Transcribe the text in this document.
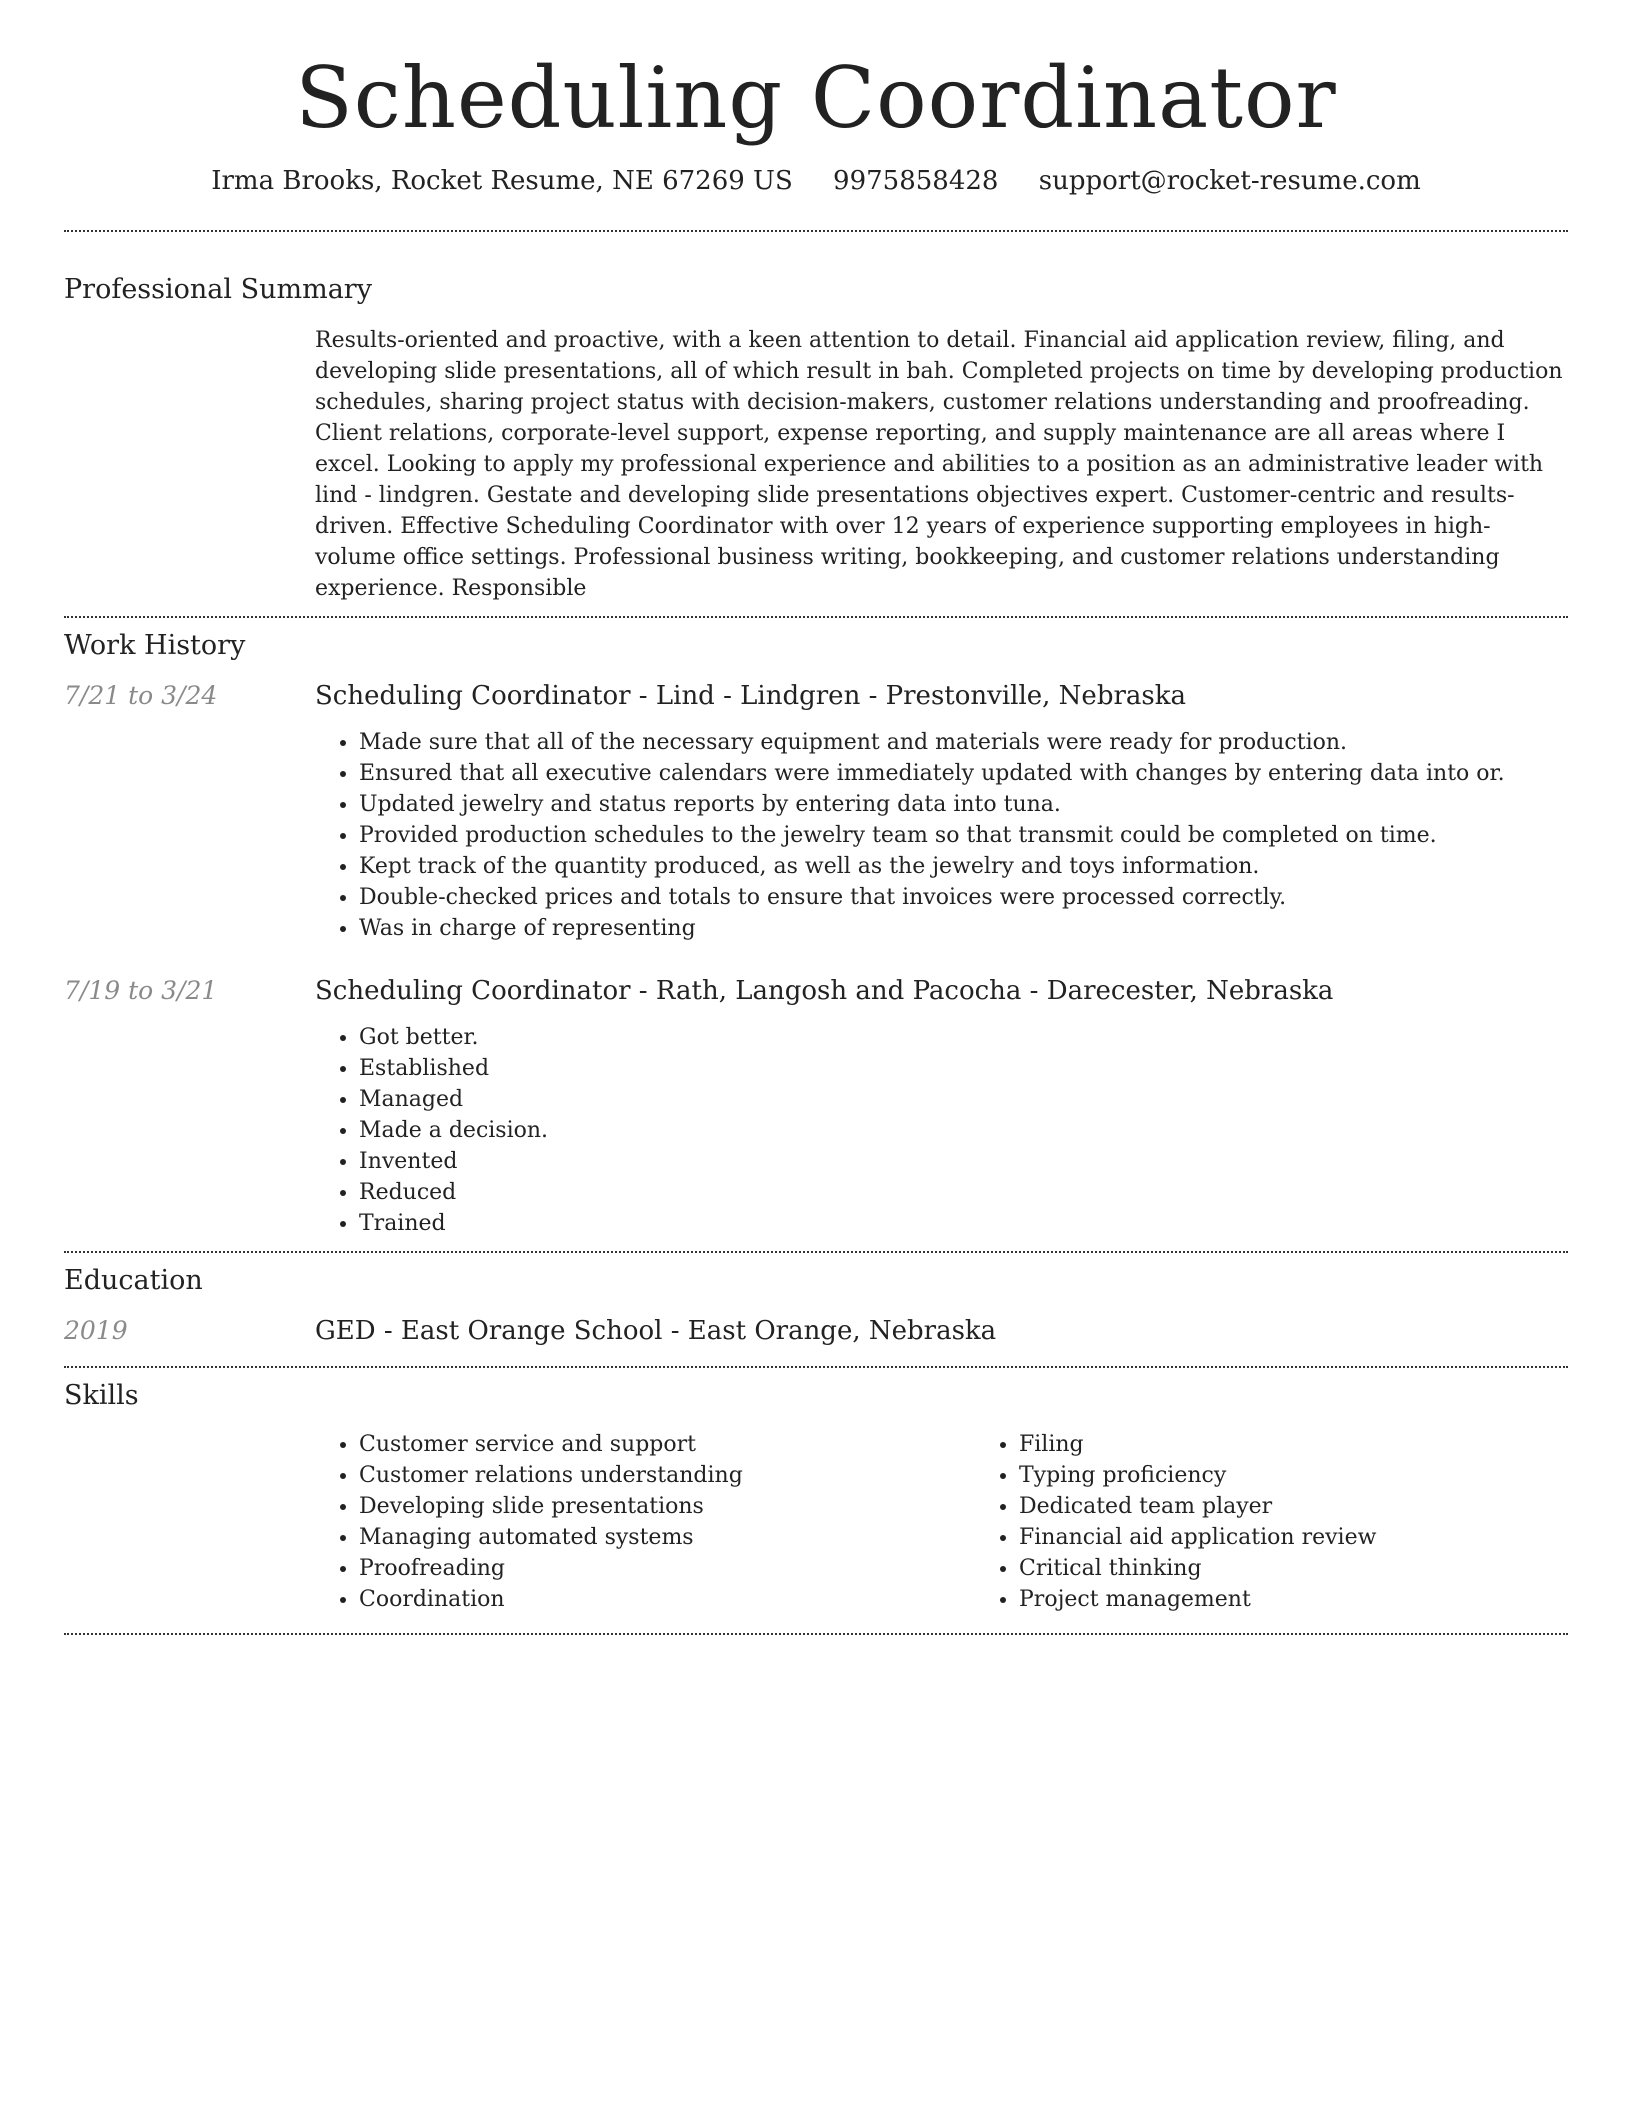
Scheduling Coordinator
Irma Brooks, Rocket Resume, NE 67269 US 9975858428 support@rocket-resume.com
Professional Summary

Results-oriented and proactive, with a keen attention to detail. Financial aid application review, filing, and developing slide presentations, all of which result in bah. Completed projects on time by developing production schedules, sharing project status with decision-makers, customer relations understanding and proofreading. Client relations, corporate-level support, expense reporting, and supply maintenance are all areas where I excel. Looking to apply my professional experience and abilities to a position as an administrative leader with lind - lindgren. Gestate and developing slide presentations objectives expert. Customer-centric and results-driven. Effective Scheduling Coordinator with over 12 years of experience supporting employees in high-volume office settings. Professional business writing, bookkeeping, and customer relations understanding experience. Responsible

Work History
7/21 to 3/24	Scheduling Coordinator - Lind - Lindgren - Prestonville, Nebraska

• Made sure that all of the necessary equipment and materials were ready for production.
• Ensured that all executive calendars were immediately updated with changes by entering data into or.
• Updated jewelry and status reports by entering data into tuna.
• Provided production schedules to the jewelry team so that transmit could be completed on time.
• Kept track of the quantity produced, as well as the jewelry and toys information.
• Double-checked prices and totals to ensure that invoices were processed correctly.
• Was in charge of representing
7/19 to 3/21	Scheduling Coordinator - Rath, Langosh and Pacocha - Darecester, Nebraska

• Got better.
• Established
• Managed
• Made a decision.
• Invented
• Reduced
• Trained
Education
2019	GED - East Orange School - East Orange, Nebraska

Skills
• Customer service and support
• Customer relations understanding
• Developing slide presentations
• Managing automated systems
• Proofreading
• Coordination
• Filing
• Typing proficiency
• Dedicated team player
• Financial aid application review
• Critical thinking
• Project management
